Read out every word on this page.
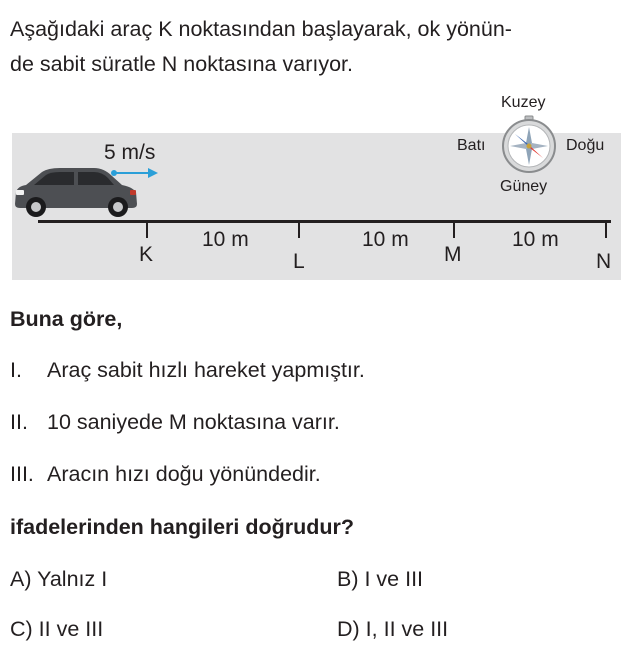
Aşağıdaki araç K noktasından başlayarak, ok yönün-
de sabit süratle N noktasına varıyor.
Kuzey
Batı	Doğu
Güney
5 m/s
K	L	M	N
10 m	10 m	10 m
Buna göre,
I. Araç sabit hızlı hareket yapmıştır.
II. 10 saniyede M noktasına varır.
III. Aracın hızı doğu yönündedir.
ifadelerinden hangileri doğrudur?
A) Yalnız I	B) I ve III
C) II ve III	D) I, II ve III
